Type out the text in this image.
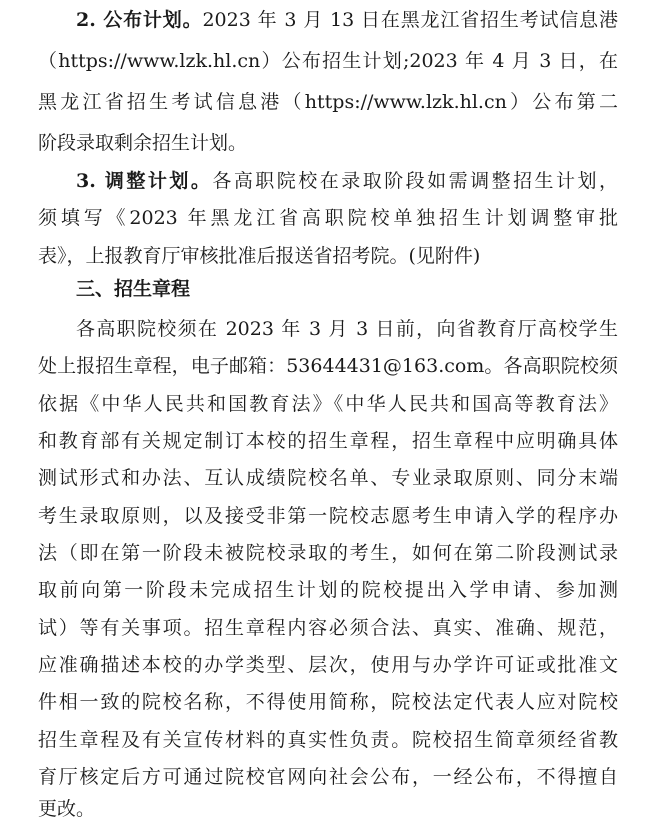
2. 公布计划。2023 年 3 月 13 日在黑龙江省招生考试信息港
（https://www.lzk.hl.cn）公布招生计划;2023 年 4 月 3 日，在
黑龙江省招生考试信息港（https://www.lzk.hl.cn）公布第二
阶段录取剩余招生计划。
3. 调整计划。各高职院校在录取阶段如需调整招生计划，
须填写《2023 年黑龙江省高职院校单独招生计划调整审批
表》，上报教育厅审核批准后报送省招考院。(见附件)
三、招生章程
各高职院校须在 2023 年 3 月 3 日前，向省教育厅高校学生
处上报招生章程，电子邮箱：53644431@163.com。各高职院校须
依据《中华人民共和国教育法》《中华人民共和国高等教育法》
和教育部有关规定制订本校的招生章程，招生章程中应明确具体
测试形式和办法、互认成绩院校名单、专业录取原则、同分末端
考生录取原则，以及接受非第一院校志愿考生申请入学的程序办
法（即在第一阶段未被院校录取的考生，如何在第二阶段测试录
取前向第一阶段未完成招生计划的院校提出入学申请、参加测
试）等有关事项。招生章程内容必须合法、真实、准确、规范，
应准确描述本校的办学类型、层次，使用与办学许可证或批准文
件相一致的院校名称，不得使用简称，院校法定代表人应对院校
招生章程及有关宣传材料的真实性负责。院校招生简章须经省教
育厅核定后方可通过院校官网向社会公布，一经公布，不得擅自
更改。
